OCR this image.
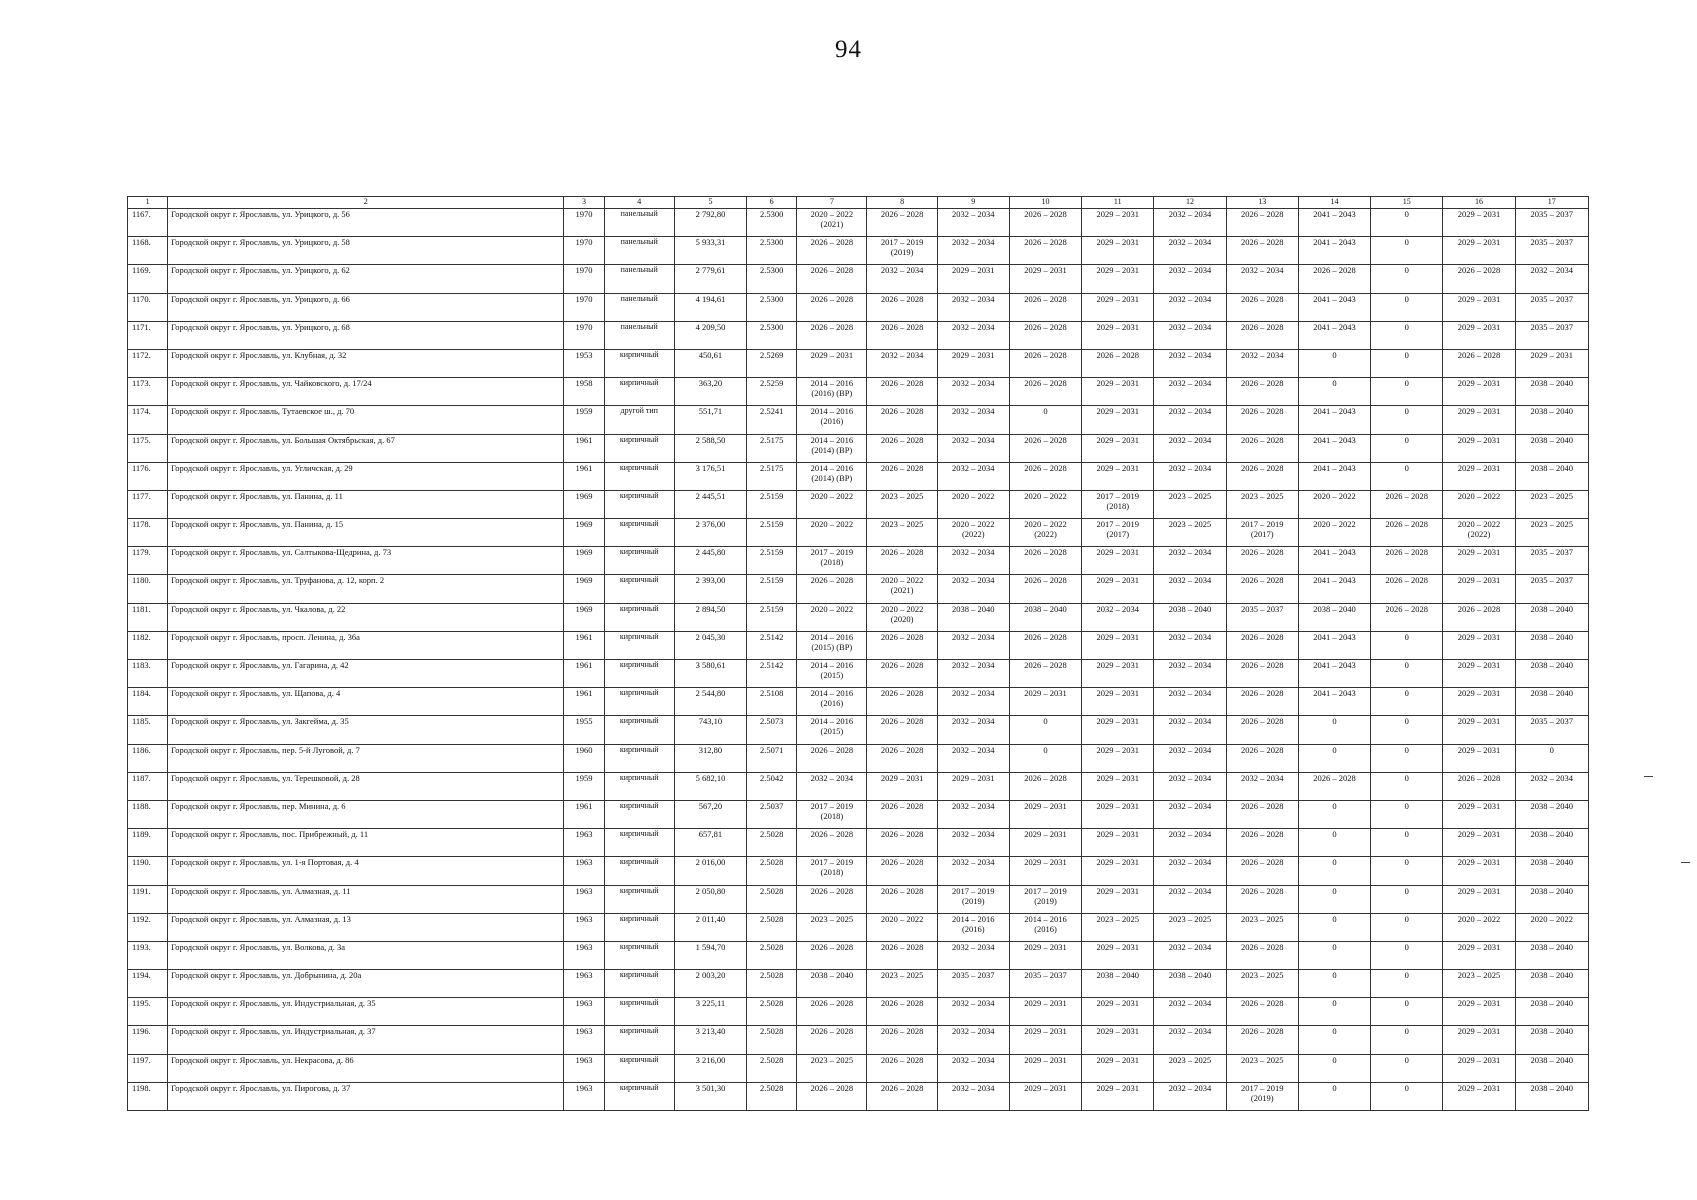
94
1	2	3	4	5	6	7	8	9	10	11	12	13	14	15	16	17
1167.	Городской округ г. Ярославль, ул. Урицкого, д. 56	1970	панельный	2 792,80	2.5300	2020 – 2022 (2021)	2026 – 2028	2032 – 2034	2026 – 2028	2029 – 2031	2032 – 2034	2026 – 2028	2041 – 2043	0	2029 – 2031	2035 – 2037
1168.	Городской округ г. Ярославль, ул. Урицкого, д. 58	1970	панельный	5 933,31	2.5300	2026 – 2028	2017 – 2019 (2019)	2032 – 2034	2026 – 2028	2029 – 2031	2032 – 2034	2026 – 2028	2041 – 2043	0	2029 – 2031	2035 – 2037
1169.	Городской округ г. Ярославль, ул. Урицкого, д. 62	1970	панельный	2 779,61	2.5300	2026 – 2028	2032 – 2034	2029 – 2031	2029 – 2031	2029 – 2031	2032 – 2034	2032 – 2034	2026 – 2028	0	2026 – 2028	2032 – 2034
1170.	Городской округ г. Ярославль, ул. Урицкого, д. 66	1970	панельный	4 194,61	2.5300	2026 – 2028	2026 – 2028	2032 – 2034	2026 – 2028	2029 – 2031	2032 – 2034	2026 – 2028	2041 – 2043	0	2029 – 2031	2035 – 2037
1171.	Городской округ г. Ярославль, ул. Урицкого, д. 68	1970	панельный	4 209,50	2.5300	2026 – 2028	2026 – 2028	2032 – 2034	2026 – 2028	2029 – 2031	2032 – 2034	2026 – 2028	2041 – 2043	0	2029 – 2031	2035 – 2037
1172.	Городской округ г. Ярославль, ул. Клубная, д. 32	1953	кирпичный	450,61	2.5269	2029 – 2031	2032 – 2034	2029 – 2031	2026 – 2028	2026 – 2028	2032 – 2034	2032 – 2034	0	0	2026 – 2028	2029 – 2031
1173.	Городской округ г. Ярославль, ул. Чайковского, д. 17/24	1958	кирпичный	363,20	2.5259	2014 – 2016 (2016) (ВР)	2026 – 2028	2032 – 2034	2026 – 2028	2029 – 2031	2032 – 2034	2026 – 2028	0	0	2029 – 2031	2038 – 2040
1174.	Городской округ г. Ярославль, Тутаевское ш., д. 70	1959	другой тип	551,71	2.5241	2014 – 2016 (2016)	2026 – 2028	2032 – 2034	0	2029 – 2031	2032 – 2034	2026 – 2028	2041 – 2043	0	2029 – 2031	2038 – 2040
1175.	Городской округ г. Ярославль, ул. Большая Октябрьская, д. 67	1961	кирпичный	2 588,50	2.5175	2014 – 2016 (2014) (ВР)	2026 – 2028	2032 – 2034	2026 – 2028	2029 – 2031	2032 – 2034	2026 – 2028	2041 – 2043	0	2029 – 2031	2038 – 2040
1176.	Городской округ г. Ярославль, ул. Угличская, д. 29	1961	кирпичный	3 176,51	2.5175	2014 – 2016 (2014) (ВР)	2026 – 2028	2032 – 2034	2026 – 2028	2029 – 2031	2032 – 2034	2026 – 2028	2041 – 2043	0	2029 – 2031	2038 – 2040
1177.	Городской округ г. Ярославль, ул. Панина, д. 11	1969	кирпичный	2 445,51	2.5159	2020 – 2022	2023 – 2025	2020 – 2022	2020 – 2022	2017 – 2019 (2018)	2023 – 2025	2023 – 2025	2020 – 2022	2026 – 2028	2020 – 2022	2023 – 2025
1178.	Городской округ г. Ярославль, ул. Панина, д. 15	1969	кирпичный	2 376,00	2.5159	2020 – 2022	2023 – 2025	2020 – 2022 (2022)	2020 – 2022 (2022)	2017 – 2019 (2017)	2023 – 2025	2017 – 2019 (2017)	2020 – 2022	2026 – 2028	2020 – 2022 (2022)	2023 – 2025
1179.	Городской округ г. Ярославль, ул. Салтыкова-Щедрина, д. 73	1969	кирпичный	2 445,80	2.5159	2017 – 2019 (2018)	2026 – 2028	2032 – 2034	2026 – 2028	2029 – 2031	2032 – 2034	2026 – 2028	2041 – 2043	2026 – 2028	2029 – 2031	2035 – 2037
1180.	Городской округ г. Ярославль, ул. Труфанова, д. 12, корп. 2	1969	кирпичный	2 393,00	2.5159	2026 – 2028	2020 – 2022 (2021)	2032 – 2034	2026 – 2028	2029 – 2031	2032 – 2034	2026 – 2028	2041 – 2043	2026 – 2028	2029 – 2031	2035 – 2037
1181.	Городской округ г. Ярославль, ул. Чкалова, д. 22	1969	кирпичный	2 894,50	2.5159	2020 – 2022	2020 – 2022 (2020)	2038 – 2040	2038 – 2040	2032 – 2034	2038 – 2040	2035 – 2037	2038 – 2040	2026 – 2028	2026 – 2028	2038 – 2040
1182.	Городской округ г. Ярославль, просп. Ленина, д. 36а	1961	кирпичный	2 045,30	2.5142	2014 – 2016 (2015) (ВР)	2026 – 2028	2032 – 2034	2026 – 2028	2029 – 2031	2032 – 2034	2026 – 2028	2041 – 2043	0	2029 – 2031	2038 – 2040
1183.	Городской округ г. Ярославль, ул. Гагарина, д. 42	1961	кирпичный	3 580,61	2.5142	2014 – 2016 (2015)	2026 – 2028	2032 – 2034	2026 – 2028	2029 – 2031	2032 – 2034	2026 – 2028	2041 – 2043	0	2029 – 2031	2038 – 2040
1184.	Городской округ г. Ярославль, ул. Щапова, д. 4	1961	кирпичный	2 544,80	2.5108	2014 – 2016 (2016)	2026 – 2028	2032 – 2034	2029 – 2031	2029 – 2031	2032 – 2034	2026 – 2028	2041 – 2043	0	2029 – 2031	2038 – 2040
1185.	Городской округ г. Ярославль, ул. Закгейма, д. 35	1955	кирпичный	743,10	2.5073	2014 – 2016 (2015)	2026 – 2028	2032 – 2034	0	2029 – 2031	2032 – 2034	2026 – 2028	0	0	2029 – 2031	2035 – 2037
1186.	Городской округ г. Ярославль, пер. 5-й Луговой, д. 7	1960	кирпичный	312,80	2.5071	2026 – 2028	2026 – 2028	2032 – 2034	0	2029 – 2031	2032 – 2034	2026 – 2028	0	0	2029 – 2031	0
1187.	Городской округ г. Ярославль, ул. Терешковой, д. 28	1959	кирпичный	5 682,10	2.5042	2032 – 2034	2029 – 2031	2029 – 2031	2026 – 2028	2029 – 2031	2032 – 2034	2032 – 2034	2026 – 2028	0	2026 – 2028	2032 – 2034
1188.	Городской округ г. Ярославль, пер. Минина, д. 6	1961	кирпичный	567,20	2.5037	2017 – 2019 (2018)	2026 – 2028	2032 – 2034	2029 – 2031	2029 – 2031	2032 – 2034	2026 – 2028	0	0	2029 – 2031	2038 – 2040
1189.	Городской округ г. Ярославль, пос. Прибрежный, д. 11	1963	кирпичный	657,81	2.5028	2026 – 2028	2026 – 2028	2032 – 2034	2029 – 2031	2029 – 2031	2032 – 2034	2026 – 2028	0	0	2029 – 2031	2038 – 2040
1190.	Городской округ г. Ярославль, ул. 1-я Портовая, д. 4	1963	кирпичный	2 016,00	2.5028	2017 – 2019 (2018)	2026 – 2028	2032 – 2034	2029 – 2031	2029 – 2031	2032 – 2034	2026 – 2028	0	0	2029 – 2031	2038 – 2040
1191.	Городской округ г. Ярославль, ул. Алмазная, д. 11	1963	кирпичный	2 050,80	2.5028	2026 – 2028	2026 – 2028	2017 – 2019 (2019)	2017 – 2019 (2019)	2029 – 2031	2032 – 2034	2026 – 2028	0	0	2029 – 2031	2038 – 2040
1192.	Городской округ г. Ярославль, ул. Алмазная, д. 13	1963	кирпичный	2 011,40	2.5028	2023 – 2025	2020 – 2022	2014 – 2016 (2016)	2014 – 2016 (2016)	2023 – 2025	2023 – 2025	2023 – 2025	0	0	2020 – 2022	2020 – 2022
1193.	Городской округ г. Ярославль, ул. Волкова, д. 3а	1963	кирпичный	1 594,70	2.5028	2026 – 2028	2026 – 2028	2032 – 2034	2029 – 2031	2029 – 2031	2032 – 2034	2026 – 2028	0	0	2029 – 2031	2038 – 2040
1194.	Городской округ г. Ярославль, ул. Добрынина, д. 20а	1963	кирпичный	2 003,20	2.5028	2038 – 2040	2023 – 2025	2035 – 2037	2035 – 2037	2038 – 2040	2038 – 2040	2023 – 2025	0	0	2023 – 2025	2038 – 2040
1195.	Городской округ г. Ярославль, ул. Индустриальная, д. 35	1963	кирпичный	3 225,11	2.5028	2026 – 2028	2026 – 2028	2032 – 2034	2029 – 2031	2029 – 2031	2032 – 2034	2026 – 2028	0	0	2029 – 2031	2038 – 2040
1196.	Городской округ г. Ярославль, ул. Индустриальная, д. 37	1963	кирпичный	3 213,40	2.5028	2026 – 2028	2026 – 2028	2032 – 2034	2029 – 2031	2029 – 2031	2032 – 2034	2026 – 2028	0	0	2029 – 2031	2038 – 2040
1197.	Городской округ г. Ярославль, ул. Некрасова, д. 86	1963	кирпичный	3 216,00	2.5028	2023 – 2025	2026 – 2028	2032 – 2034	2029 – 2031	2029 – 2031	2023 – 2025	2023 – 2025	0	0	2029 – 2031	2038 – 2040
1198.	Городской округ г. Ярославль, ул. Пирогова, д. 37	1963	кирпичный	3 501,30	2.5028	2026 – 2028	2026 – 2028	2032 – 2034	2029 – 2031	2029 – 2031	2032 – 2034	2017 – 2019 (2019)	0	0	2029 – 2031	2038 – 2040
